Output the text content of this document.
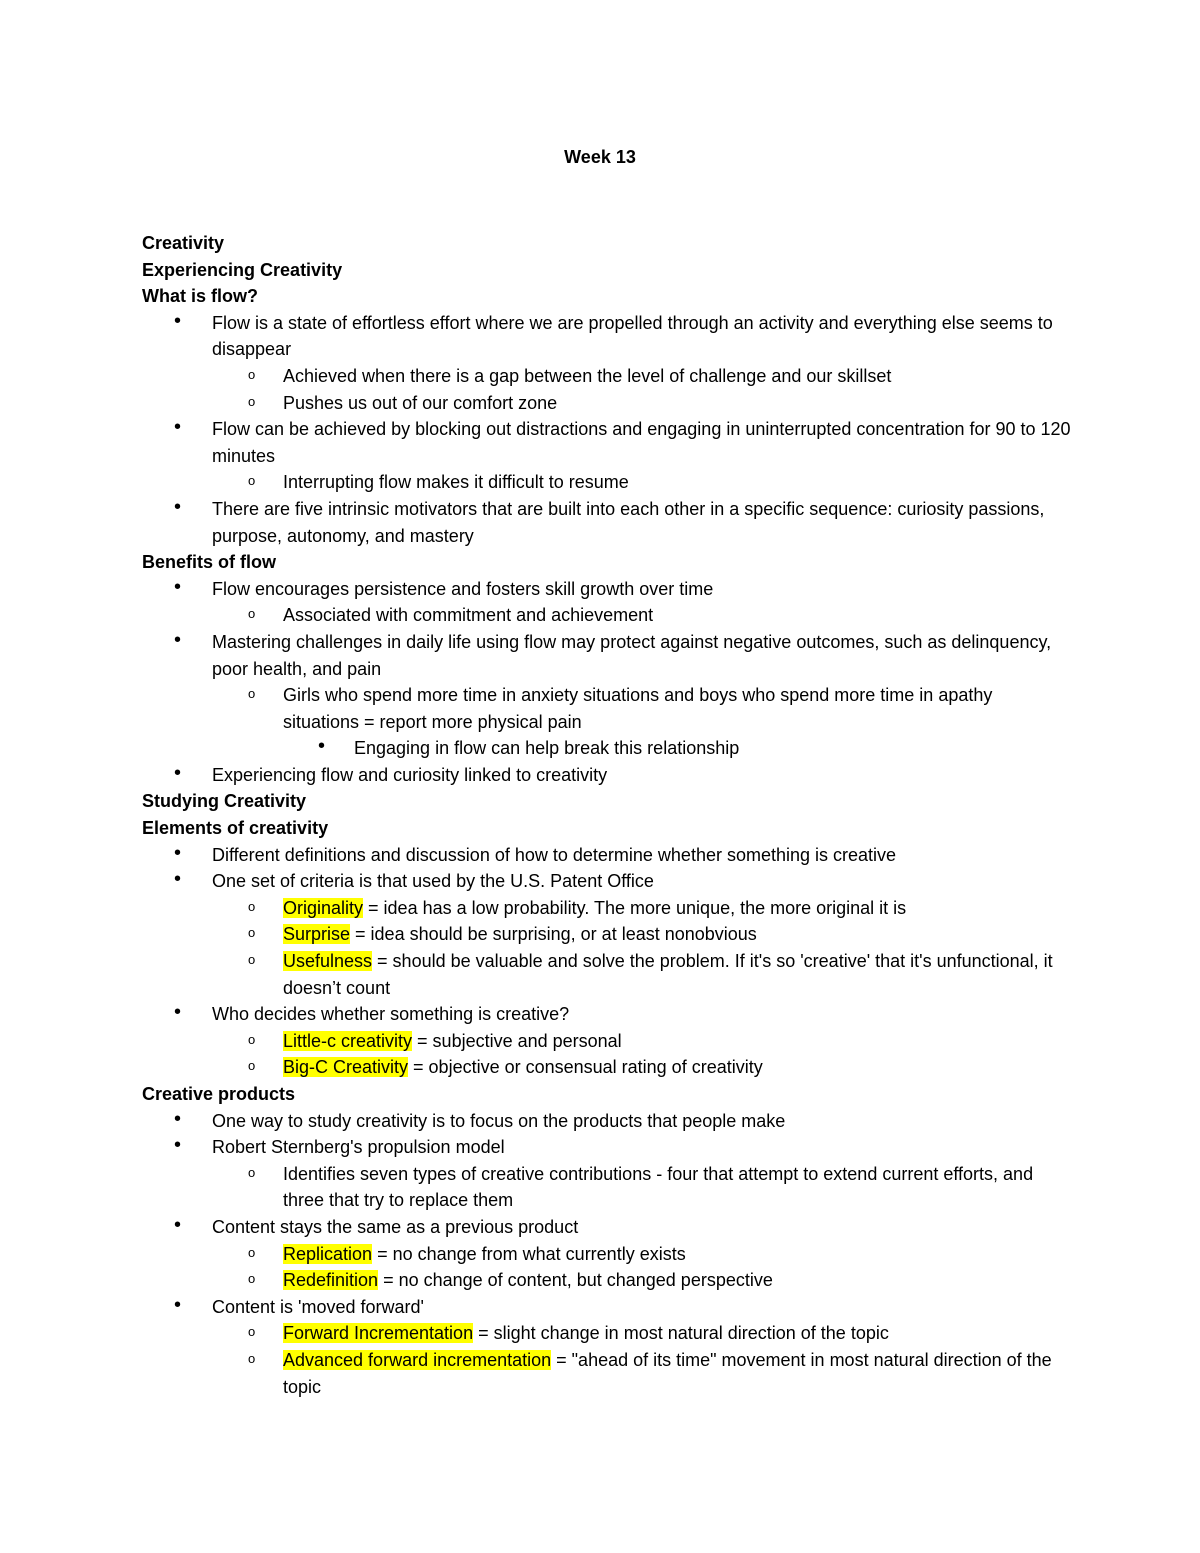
Week 13
Creativity
Experiencing Creativity
What is flow?
• Flow is a state of effortless effort where we are propelled through an activity and everything else seems to disappear
o Achieved when there is a gap between the level of challenge and our skillset
o Pushes us out of our comfort zone
• Flow can be achieved by blocking out distractions and engaging in uninterrupted concentration for 90 to 120 minutes
o Interrupting flow makes it difficult to resume
• There are five intrinsic motivators that are built into each other in a specific sequence: curiosity passions, purpose, autonomy, and mastery
Benefits of flow
• Flow encourages persistence and fosters skill growth over time
o Associated with commitment and achievement
• Mastering challenges in daily life using flow may protect against negative outcomes, such as delinquency, poor health, and pain
o Girls who spend more time in anxiety situations and boys who spend more time in apathy situations = report more physical pain
• Engaging in flow can help break this relationship
• Experiencing flow and curiosity linked to creativity
Studying Creativity
Elements of creativity
• Different definitions and discussion of how to determine whether something is creative
• One set of criteria is that used by the U.S. Patent Office
o Originality = idea has a low probability. The more unique, the more original it is
o Surprise = idea should be surprising, or at least nonobvious
o Usefulness = should be valuable and solve the problem. If it's so 'creative' that it's unfunctional, it doesn’t count
• Who decides whether something is creative?
o Little-c creativity = subjective and personal
o Big-C Creativity = objective or consensual rating of creativity
Creative products
• One way to study creativity is to focus on the products that people make
• Robert Sternberg's propulsion model
o Identifies seven types of creative contributions - four that attempt to extend current efforts, and three that try to replace them
• Content stays the same as a previous product
o Replication = no change from what currently exists
o Redefinition = no change of content, but changed perspective
• Content is 'moved forward'
o Forward Incrementation = slight change in most natural direction of the topic
o Advanced forward incrementation = "ahead of its time" movement in most natural direction of the topic
